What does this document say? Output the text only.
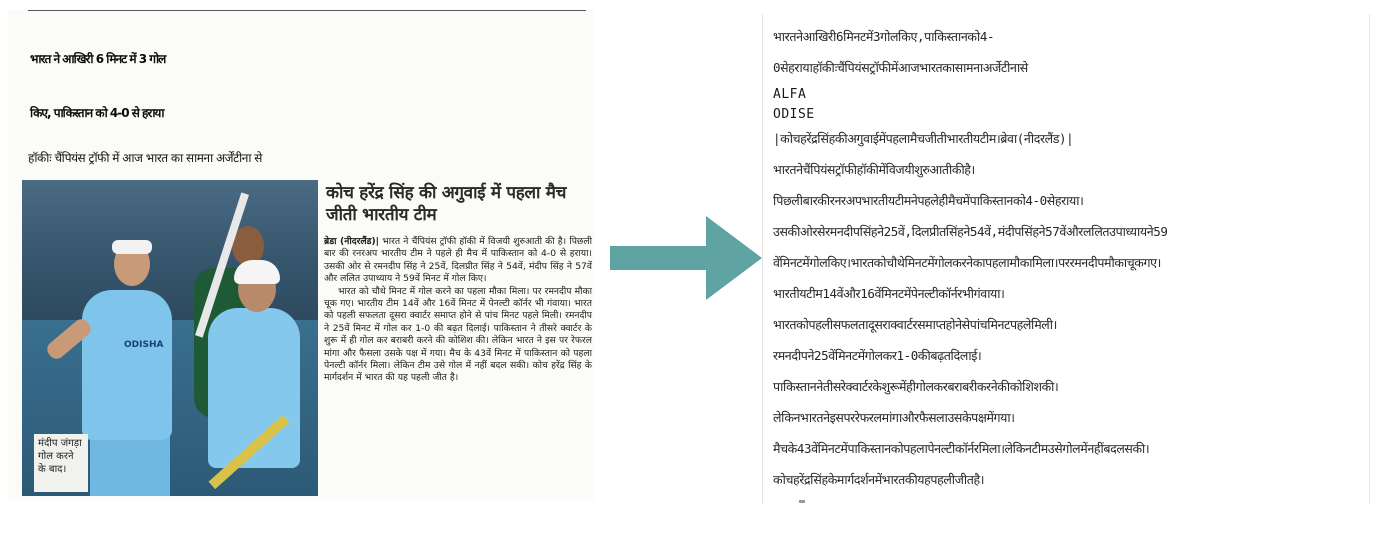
भारत ने आखिरी 6 मिनट में 3 गोल
किए, पाकिस्तान को 4-0 से हराया
हॉकीः चैंपियंस ट्रॉफी में आज भारत का सामना अर्जेंटीना से
ODISHA
मंदीप जंगड़ा गोल करने के बाद।
कोच हरेंद्र सिंह की अगुवाई में पहला मैच जीती भारतीय टीम

ब्रेडा (नीदरलैंड)| भारत ने चैंपियंस ट्रॉफी हॉकी में विजयी शुरुआती की है। पिछली बार की रनरअप भारतीय टीम ने पहले ही मैच में पाकिस्तान को 4-0 से हराया। उसकी ओर से रमनदीप सिंह ने 25वें, दिलप्रीत सिंह ने 54वें, मंदीप सिंह ने 57वें और ललित उपाध्याय ने 59वें मिनट में गोल किए।

भारत को चौथे मिनट में गोल करने का पहला मौका मिला। पर रमनदीप मौका चूक गए। भारतीय टीम 14वें और 16वें मिनट में पेनल्टी कॉर्नर भी गंवाया। भारत को पहली सफलता दूसरा क्वार्टर समाप्त होने से पांच मिनट पहले मिली। रमनदीप ने 25वें मिनट में गोल कर 1-0 की बढ़त दिलाई। पाकिस्तान ने तीसरे क्वार्टर के शुरू में ही गोल कर बराबरी करने की कोशिश की। लेकिन भारत ने इस पर रेफरल मांगा और फैसला उसके पक्ष में गया। मैच के 43वें मिनट में पाकिस्तान को पहला पेनल्टी कॉर्नर मिला। लेकिन टीम उसे गोल में नहीं बदल सकी। कोच हरेंद्र सिंह के मार्गदर्शन में भारत की यह पहली जीत है।

भारतनेआखिरी6मिनटमें3गोलकिए,पाकिस्तानको4-
0सेहरायाहॉकीःचैंपियंसट्रॉफीमेंआजभारतकासामनाअर्जेटीनासे
ALFA
ODISE
|कोचहरेंद्रसिंहकीअगुवाईमेंपहलामैचजीतीभारतीयटीम।ब्रेवा(नीदरलैंड)|
भारतनेचैंपियंसट्रॉफीहॉकीमेंविजयीशुरुआतीकीहै।
पिछलीबारकीरनरअपभारतीयटीमनेपहलेहीमैचमेंपाकिस्तानको4-0सेहराया।
उसकीओरसेरमनदीपसिंहने25वें,दिलप्रीतसिंहने54वें,मंदीपसिंहने57वेंऔरललितउपाध्यायने59
वेंमिनटमेंगोलकिए।भारतकोचौथेमिनटमेंगोलकरनेकापहलामौकामिला।पररमनदीपमौकाचूकगए।
भारतीयटीम14वेंऔर16वेंमिनटमेंपेनल्टीकॉर्नरभीगंवाया।
भारतकोपहलीसफलतादूसराक्वार्टरसमाप्तहोनेसेपांचमिनटपहलेमिली।
रमनदीपने25वेंमिनटमेंगोलकर1-0कीबढ़तदिलाई।
पाकिस्ताननेतीसरेक्वार्टरकेशुरूमेंहीगोलकरबराबरीकरनेकीकोशिशकी।
लेकिनभारतनेइसपररेफरलमांगाऔरफैसलाउसकेपक्षमेंगया।
मैचके43वेंमिनटमेंपाकिस्तानकोपहलापेनल्टीकॉर्नरमिला।लेकिनटीमउसेगोलमेंनहींबदलसकी।
कोचहरेंद्रसिंहकेमार्गदर्शनमेंभारतकीयहपहलीजीतहै।
